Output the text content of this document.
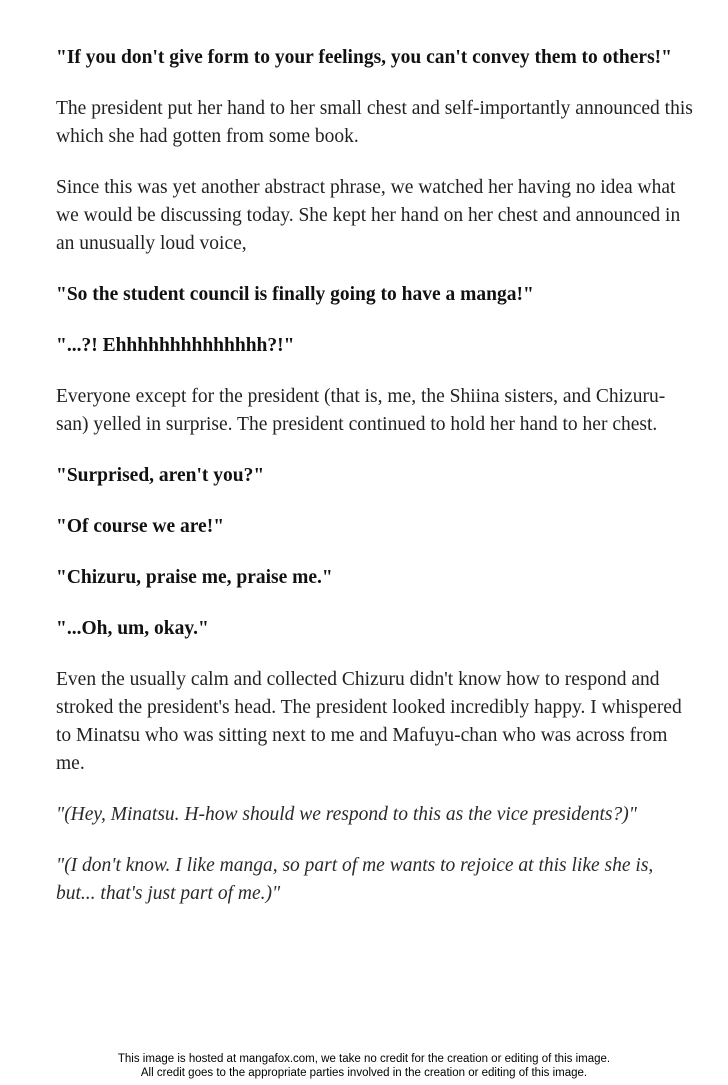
"If you don't give form to your feelings, you can't convey them to others!"

The president put her hand to her small chest and self-importantly announced this which she had gotten from some book.

Since this was yet another abstract phrase, we watched her having no idea what we would be discussing today. She kept her hand on her chest and announced in an unusually loud voice,

"So the student council is finally going to have a manga!"

"...?! Ehhhhhhhhhhhhhh?!"

Everyone except for the president (that is, me, the Shiina sisters, and Chizuru-san) yelled in surprise. The president continued to hold her hand to her chest.

"Surprised, aren't you?"

"Of course we are!"

"Chizuru, praise me, praise me."

"...Oh, um, okay."

Even the usually calm and collected Chizuru didn't know how to respond and stroked the president's head. The president looked incredibly happy. I whispered to Minatsu who was sitting next to me and Mafuyu-chan who was across from me.

"(Hey, Minatsu. H-how should we respond to this as the vice presidents?)"

"(I don't know. I like manga, so part of me wants to rejoice at this like she is, but... that's just part of me.)"

This image is hosted at mangafox.com, we take no credit for the creation or editing of this image.
All credit goes to the appropriate parties involved in the creation or editing of this image.
